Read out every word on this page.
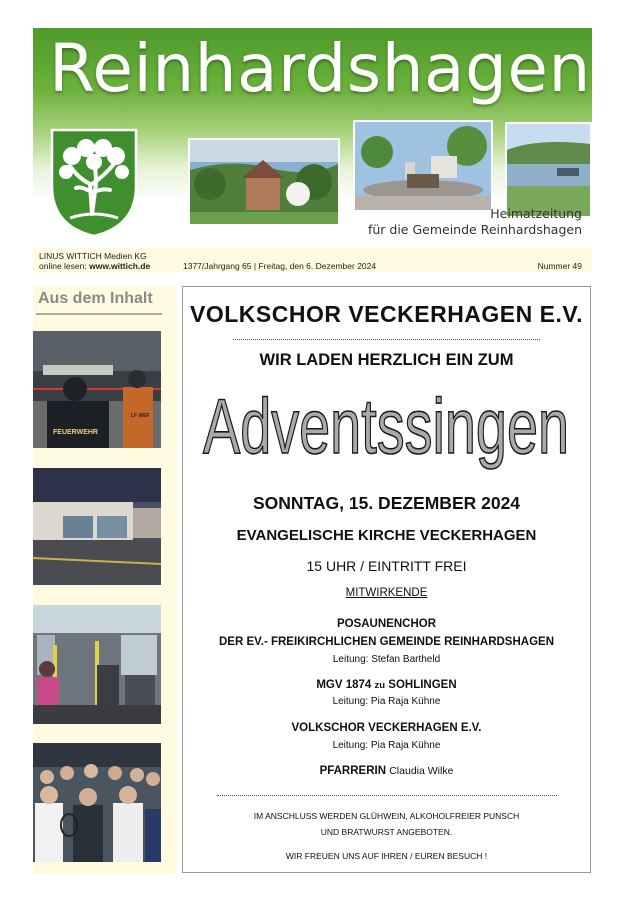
Reinhardshagen
Heimatzeitung
für die Gemeinde Reinhardshagen
LINUS WITTICH Medien KG
online lesen: www.wittich.de	1377/Jahrgang 65 | Freitag, den 6. Dezember 2024	Nummer 49
Aus dem Inhalt
FEUERWEHR
LF WEF
VOLKSCHOR VECKERHAGEN E.V.
WIR LADEN HERZLICH EIN ZUM
Adventssingen
SONNTAG, 15. DEZEMBER 2024
EVANGELISCHE KIRCHE VECKERHAGEN
15 UHR / EINTRITT FREI
MITWIRKENDE
POSAUNENCHOR
DER EV.- FREIKIRCHLICHEN GEMEINDE REINHARDSHAGEN
Leitung: Stefan Bartheld
MGV 1874 zu SOHLINGEN
Leitung: Pia Raja Kühne
VOLKSCHOR VECKERHAGEN E.V.
Leitung: Pia Raja Kühne
PFARRERIN Claudia Wilke
IM ANSCHLUSS WERDEN GLÜHWEIN, ALKOHOLFREIER PUNSCH
UND BRATWURST ANGEBOTEN.
WIR FREUEN UNS AUF IHREN / EUREN BESUCH !
